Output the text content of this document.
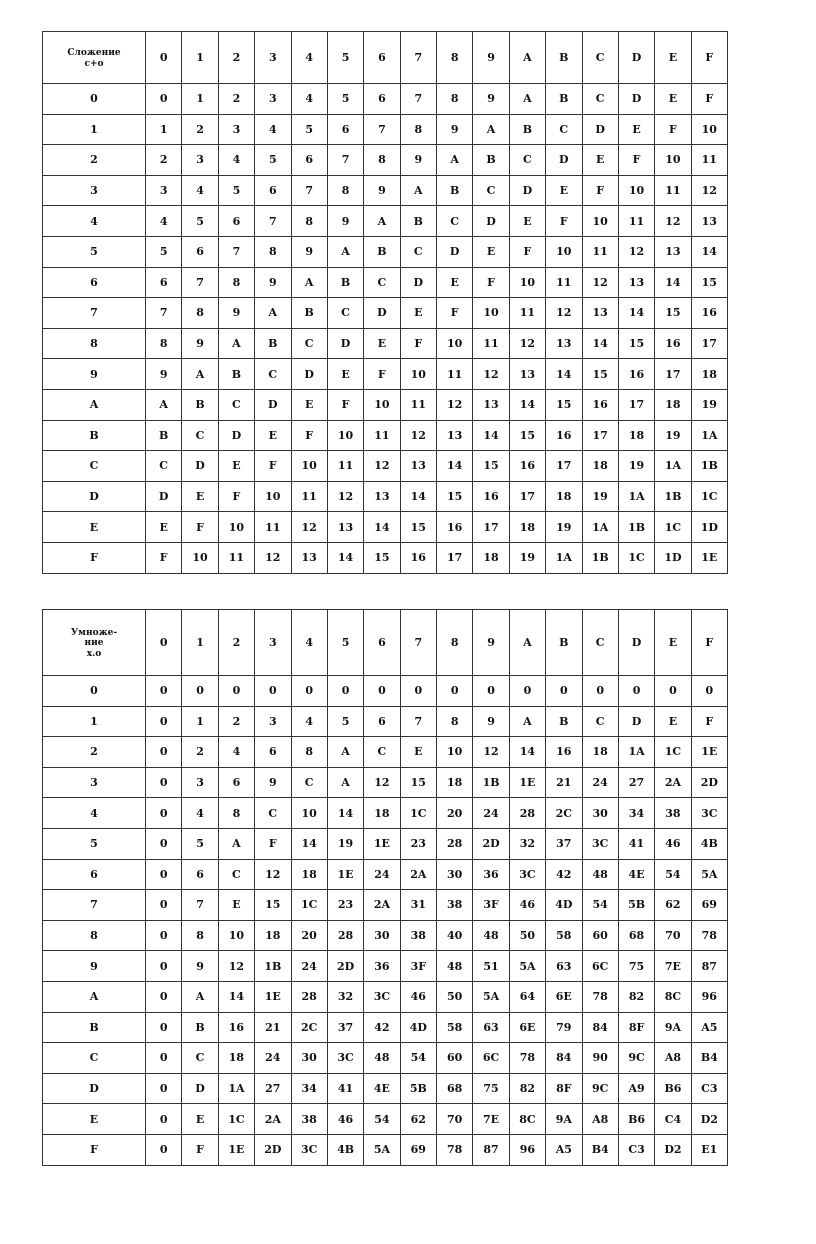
Сложение
с+о	0	1	2	3	4	5	6	7	8	9	A	B	C	D	E	F
0	0	1	2	3	4	5	6	7	8	9	A	B	C	D	E	F
1	1	2	3	4	5	6	7	8	9	A	B	C	D	E	F	10
2	2	3	4	5	6	7	8	9	A	B	C	D	E	F	10	11
3	3	4	5	6	7	8	9	A	B	C	D	E	F	10	11	12
4	4	5	6	7	8	9	A	B	C	D	E	F	10	11	12	13
5	5	6	7	8	9	A	B	C	D	E	F	10	11	12	13	14
6	6	7	8	9	A	B	C	D	E	F	10	11	12	13	14	15
7	7	8	9	A	B	C	D	E	F	10	11	12	13	14	15	16
8	8	9	A	B	C	D	E	F	10	11	12	13	14	15	16	17
9	9	A	B	C	D	E	F	10	11	12	13	14	15	16	17	18
A	A	B	C	D	E	F	10	11	12	13	14	15	16	17	18	19
B	B	C	D	E	F	10	11	12	13	14	15	16	17	18	19	1A
C	C	D	E	F	10	11	12	13	14	15	16	17	18	19	1A	1B
D	D	E	F	10	11	12	13	14	15	16	17	18	19	1A	1B	1C
E	E	F	10	11	12	13	14	15	16	17	18	19	1A	1B	1C	1D
F	F	10	11	12	13	14	15	16	17	18	19	1A	1B	1C	1D	1E
Умноже-
ние
х.о	0	1	2	3	4	5	6	7	8	9	A	B	C	D	E	F
0	0	0	0	0	0	0	0	0	0	0	0	0	0	0	0	0
1	0	1	2	3	4	5	6	7	8	9	A	B	C	D	E	F
2	0	2	4	6	8	A	C	E	10	12	14	16	18	1A	1C	1E
3	0	3	6	9	C	A	12	15	18	1B	1E	21	24	27	2A	2D
4	0	4	8	C	10	14	18	1C	20	24	28	2C	30	34	38	3C
5	0	5	A	F	14	19	1E	23	28	2D	32	37	3C	41	46	4B
6	0	6	C	12	18	1E	24	2A	30	36	3C	42	48	4E	54	5A
7	0	7	E	15	1C	23	2A	31	38	3F	46	4D	54	5B	62	69
8	0	8	10	18	20	28	30	38	40	48	50	58	60	68	70	78
9	0	9	12	1B	24	2D	36	3F	48	51	5A	63	6C	75	7E	87
A	0	A	14	1E	28	32	3C	46	50	5A	64	6E	78	82	8C	96
B	0	B	16	21	2C	37	42	4D	58	63	6E	79	84	8F	9A	A5
C	0	C	18	24	30	3C	48	54	60	6C	78	84	90	9C	A8	B4
D	0	D	1A	27	34	41	4E	5B	68	75	82	8F	9C	A9	B6	C3
E	0	E	1C	2A	38	46	54	62	70	7E	8C	9A	A8	B6	C4	D2
F	0	F	1E	2D	3C	4B	5A	69	78	87	96	A5	B4	C3	D2	E1
